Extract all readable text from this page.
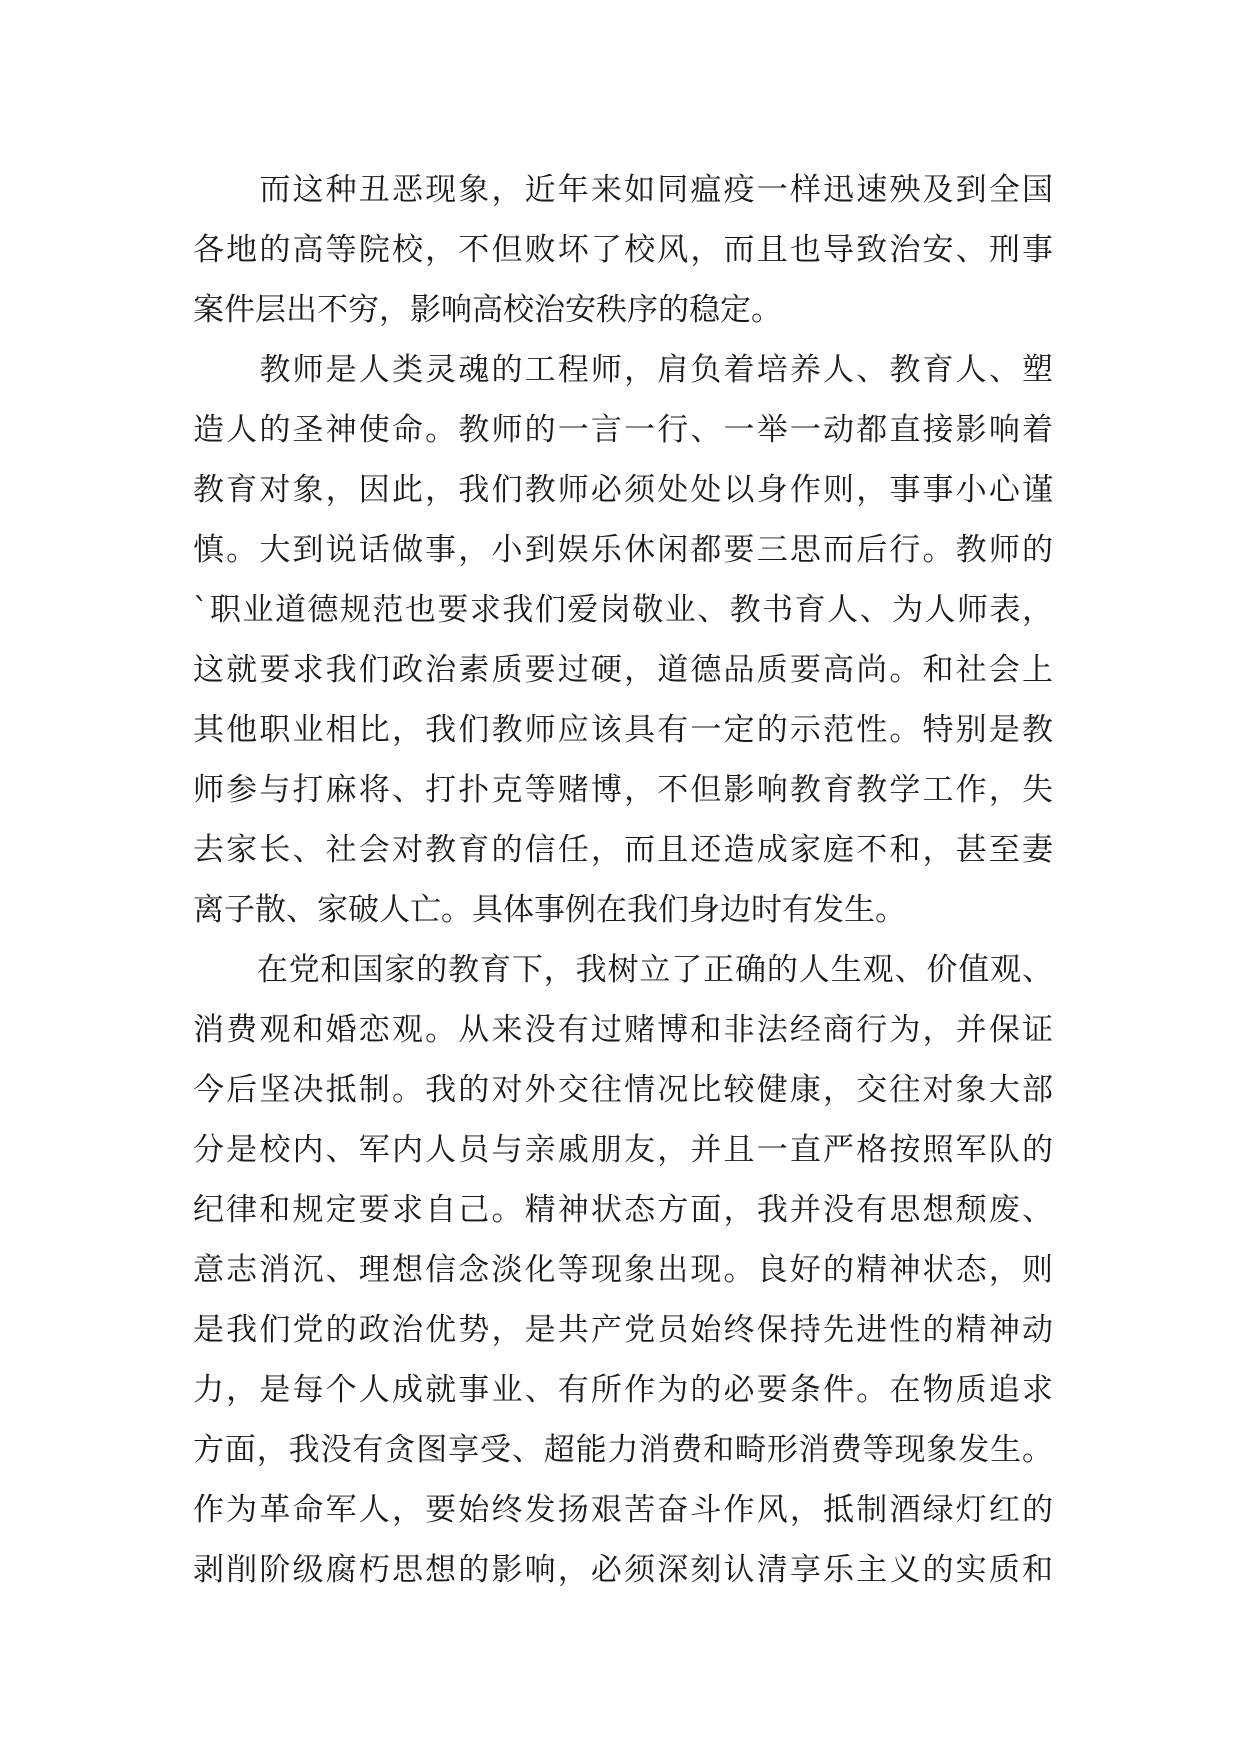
　　而这种丑恶现象，近年来如同瘟疫一样迅速殃及到全国
各地的高等院校，不但败坏了校风，而且也导致治安、刑事
案件层出不穷，影响高校治安秩序的稳定。

　　教师是人类灵魂的工程师，肩负着培养人、教育人、塑
造人的圣神使命。教师的一言一行、一举一动都直接影响着
教育对象，因此，我们教师必须处处以身作则，事事小心谨
慎。大到说话做事，小到娱乐休闲都要三思而后行。教师的
`职业道德规范也要求我们爱岗敬业、教书育人、为人师表，
这就要求我们政治素质要过硬，道德品质要高尚。和社会上
其他职业相比，我们教师应该具有一定的示范性。特别是教
师参与打麻将、打扑克等赌博，不但影响教育教学工作，失
去家长、社会对教育的信任，而且还造成家庭不和，甚至妻
离子散、家破人亡。具体事例在我们身边时有发生。

　　在党和国家的教育下，我树立了正确的人生观、价值观、
消费观和婚恋观。从来没有过赌博和非法经商行为，并保证
今后坚决抵制。我的对外交往情况比较健康，交往对象大部
分是校内、军内人员与亲戚朋友，并且一直严格按照军队的
纪律和规定要求自己。精神状态方面，我并没有思想颓废、
意志消沉、理想信念淡化等现象出现。良好的精神状态，则
是我们党的政治优势，是共产党员始终保持先进性的精神动
力，是每个人成就事业、有所作为的必要条件。在物质追求
方面，我没有贪图享受、超能力消费和畸形消费等现象发生。
作为革命军人，要始终发扬艰苦奋斗作风，抵制酒绿灯红的
剥削阶级腐朽思想的影响，必须深刻认清享乐主义的实质和
